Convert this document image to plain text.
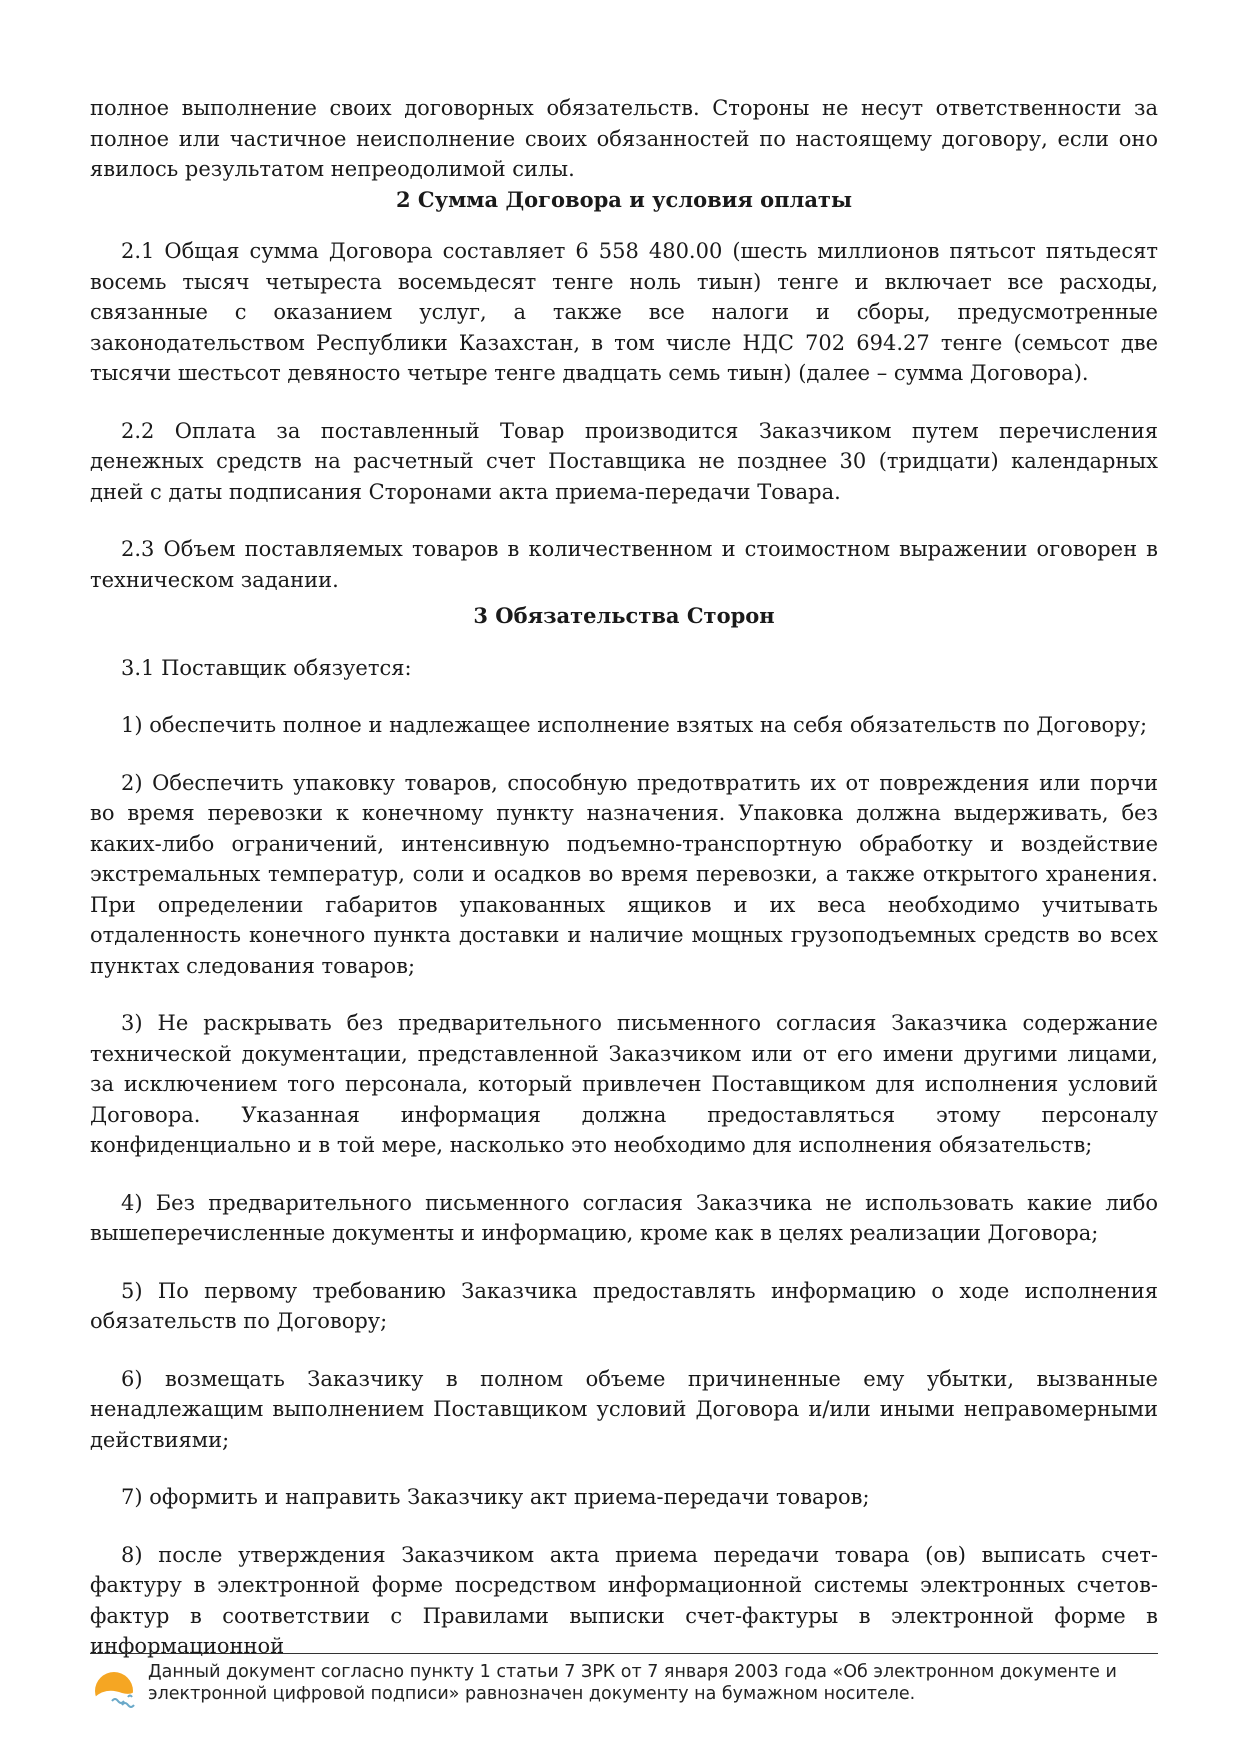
полное выполнение своих договорных обязательств. Стороны не несут ответственности за полное или частичное неисполнение своих обязанностей по настоящему договору, если оно явилось результатом непреодолимой силы.

2 Сумма Договора и условия оплаты

2.1 Общая сумма Договора составляет 6 558 480.00 (шесть миллионов пятьсот пятьдесят восемь тысяч четыреста восемьдесят тенге ноль тиын) тенге и включает все расходы, связанные с оказанием услуг, а также все налоги и сборы, предусмотренные законодательством Республики Казахстан, в том числе НДС 702 694.27 тенге (семьсот две тысячи шестьсот девяносто четыре тенге двадцать семь тиын) (далее – сумма Договора).

2.2 Оплата за поставленный Товар производится Заказчиком путем перечисления денежных средств на расчетный счет Поставщика не позднее 30 (тридцати) календарных дней с даты подписания Сторонами акта приема-передачи Товара.

2.3 Объем поставляемых товаров в количественном и стоимостном выражении оговорен в техническом задании.

3 Обязательства Сторон

3.1 Поставщик обязуется:

1) обеспечить полное и надлежащее исполнение взятых на себя обязательств по Договору;

2) Обеспечить упаковку товаров, способную предотвратить их от повреждения или порчи во время перевозки к конечному пункту назначения. Упаковка должна выдерживать, без каких-либо ограничений, интенсивную подъемно-транспортную обработку и воздействие экстремальных температур, соли и осадков во время перевозки, а также открытого хранения. При определении габаритов упакованных ящиков и их веса необходимо учитывать отдаленность конечного пункта доставки и наличие мощных грузоподъемных средств во всех пунктах следования товаров;

3) Не раскрывать без предварительного письменного согласия Заказчика содержание технической документации, представленной Заказчиком или от его имени другими лицами, за исключением того персонала, который привлечен Поставщиком для исполнения условий Договора. Указанная информация должна предоставляться этому персоналу конфиденциально и в той мере, насколько это необходимо для исполнения обязательств;

4) Без предварительного письменного согласия Заказчика не использовать какие либо вышеперечисленные документы и информацию, кроме как в целях реализации Договора;

5) По первому требованию Заказчика предоставлять информацию о ходе исполнения обязательств по Договору;

6) возмещать Заказчику в полном объеме причиненные ему убытки, вызванные ненадлежащим выполнением Поставщиком условий Договора и/или иными неправомерными действиями;

7) оформить и направить Заказчику акт приема-передачи товаров;

8) после утверждения Заказчиком акта приема передачи товара (ов) выписать счет-фактуру в электронной форме посредством информационной системы электронных счетов-фактур в соответствии с Правилами выписки счет-фактуры в электронной форме в информационной

Данный документ согласно пункту 1 статьи 7 ЗРК от 7 января 2003 года «Об электронном документе и электронной цифровой подписи» равнозначен документу на бумажном носителе.
